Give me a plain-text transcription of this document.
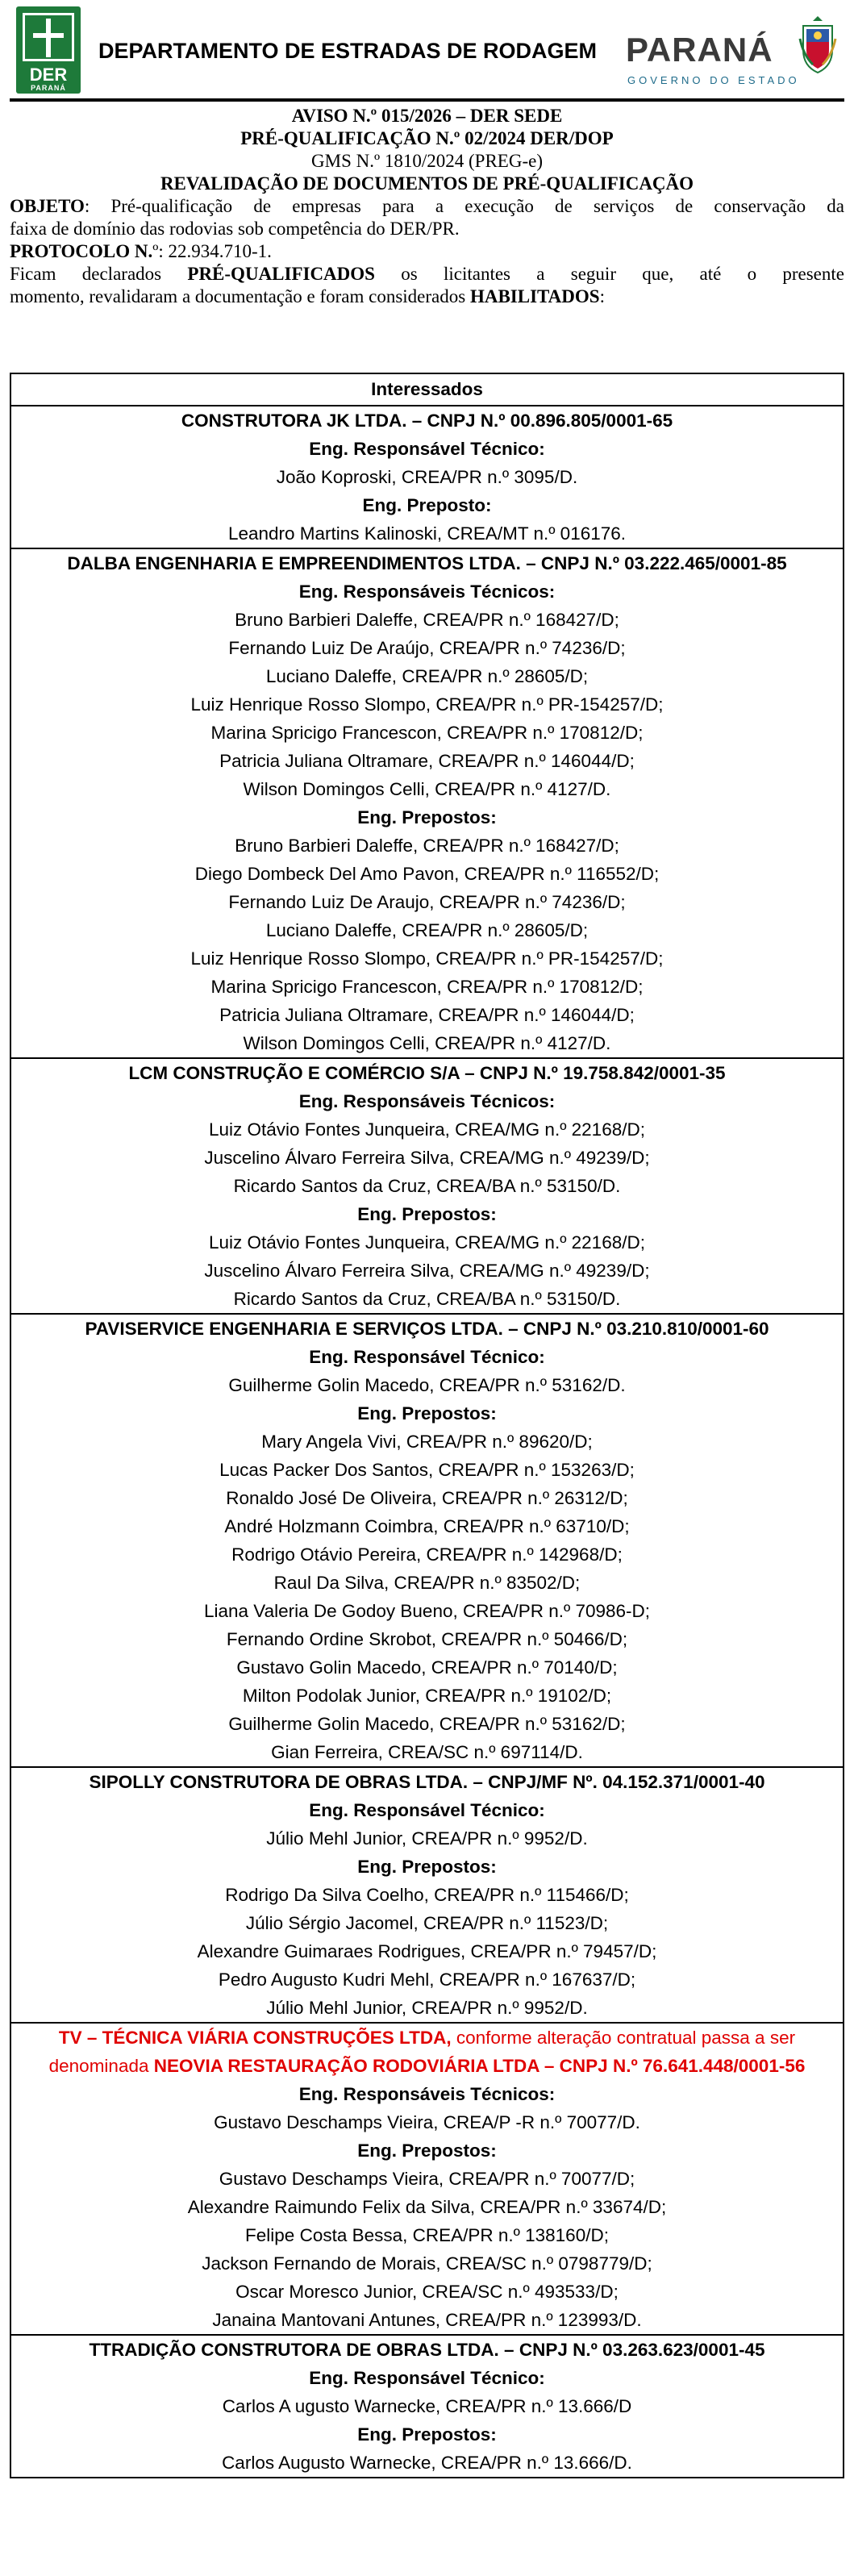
DER
PARANÁ
DEPARTAMENTO DE ESTRADAS DE RODAGEM PARANÁ
GOVERNO DO ESTADO

AVISO N.º 015/2026 – DER SEDE

PRÉ-QUALIFICAÇÃO N.º 02/2024 DER/DOP

GMS N.º 1810/2024 (PREG-e)

REVALIDAÇÃO DE DOCUMENTOS DE PRÉ-QUALIFICAÇÃO

OBJETO: Pré-qualificação de empresas para a execução de serviços de conservação da

faixa de domínio das rodovias sob competência do DER/PR.

PROTOCOLO N.º: 22.934.710-1.

Ficam declarados PRÉ-QUALIFICADOS os licitantes a seguir que, até o presente

momento, revalidaram a documentação e foram considerados HABILITADOS:

Interessados
CONSTRUTORA JK LTDA. – CNPJ N.º 00.896.805/0001-65
Eng. Responsável Técnico:
João Koproski, CREA/PR n.º 3095/D.
Eng. Preposto:
Leandro Martins Kalinoski, CREA/MT n.º 016176.
DALBA ENGENHARIA E EMPREENDIMENTOS LTDA. – CNPJ N.º 03.222.465/0001-85
Eng. Responsáveis Técnicos:
Bruno Barbieri Daleffe, CREA/PR n.º 168427/D;
Fernando Luiz De Araújo, CREA/PR n.º 74236/D;
Luciano Daleffe, CREA/PR n.º 28605/D;
Luiz Henrique Rosso Slompo, CREA/PR n.º PR-154257/D;
Marina Spricigo Francescon, CREA/PR n.º 170812/D;
Patricia Juliana Oltramare, CREA/PR n.º 146044/D;
Wilson Domingos Celli, CREA/PR n.º 4127/D.
Eng. Prepostos:
Bruno Barbieri Daleffe, CREA/PR n.º 168427/D;
Diego Dombeck Del Amo Pavon, CREA/PR n.º 116552/D;
Fernando Luiz De Araujo, CREA/PR n.º 74236/D;
Luciano Daleffe, CREA/PR n.º 28605/D;
Luiz Henrique Rosso Slompo, CREA/PR n.º PR-154257/D;
Marina Spricigo Francescon, CREA/PR n.º 170812/D;
Patricia Juliana Oltramare, CREA/PR n.º 146044/D;
Wilson Domingos Celli, CREA/PR n.º 4127/D.
LCM CONSTRUÇÃO E COMÉRCIO S/A – CNPJ N.º 19.758.842/0001-35
Eng. Responsáveis Técnicos:
Luiz Otávio Fontes Junqueira, CREA/MG n.º 22168/D;
Juscelino Álvaro Ferreira Silva, CREA/MG n.º 49239/D;
Ricardo Santos da Cruz, CREA/BA n.º 53150/D.
Eng. Prepostos:
Luiz Otávio Fontes Junqueira, CREA/MG n.º 22168/D;
Juscelino Álvaro Ferreira Silva, CREA/MG n.º 49239/D;
Ricardo Santos da Cruz, CREA/BA n.º 53150/D.
PAVISERVICE ENGENHARIA E SERVIÇOS LTDA. – CNPJ N.º 03.210.810/0001-60
Eng. Responsável Técnico:
Guilherme Golin Macedo, CREA/PR n.º 53162/D.
Eng. Prepostos:
Mary Angela Vivi, CREA/PR n.º 89620/D;
Lucas Packer Dos Santos, CREA/PR n.º 153263/D;
Ronaldo José De Oliveira, CREA/PR n.º 26312/D;
André Holzmann Coimbra, CREA/PR n.º 63710/D;
Rodrigo Otávio Pereira, CREA/PR n.º 142968/D;
Raul Da Silva, CREA/PR n.º 83502/D;
Liana Valeria De Godoy Bueno, CREA/PR n.º 70986-D;
Fernando Ordine Skrobot, CREA/PR n.º 50466/D;
Gustavo Golin Macedo, CREA/PR n.º 70140/D;
Milton Podolak Junior, CREA/PR n.º 19102/D;
Guilherme Golin Macedo, CREA/PR n.º 53162/D;
Gian Ferreira, CREA/SC n.º 697114/D.
SIPOLLY CONSTRUTORA DE OBRAS LTDA. – CNPJ/MF Nº. 04.152.371/0001-40
Eng. Responsável Técnico:
Júlio Mehl Junior, CREA/PR n.º 9952/D.
Eng. Prepostos:
Rodrigo Da Silva Coelho, CREA/PR n.º 115466/D;
Júlio Sérgio Jacomel, CREA/PR n.º 11523/D;
Alexandre Guimaraes Rodrigues, CREA/PR n.º 79457/D;
Pedro Augusto Kudri Mehl, CREA/PR n.º 167637/D;
Júlio Mehl Junior, CREA/PR n.º 9952/D.
TV – TÉCNICA VIÁRIA CONSTRUÇÕES LTDA, conforme alteração contratual passa a ser denominada NEOVIA RESTAURAÇÃO RODOVIÁRIA LTDA – CNPJ N.º 76.641.448/0001-56
Eng. Responsáveis Técnicos:
Gustavo Deschamps Vieira, CREA/P -R n.º 70077/D.
Eng. Prepostos:
Gustavo Deschamps Vieira, CREA/PR n.º 70077/D;
Alexandre Raimundo Felix da Silva, CREA/PR n.º 33674/D;
Felipe Costa Bessa, CREA/PR n.º 138160/D;
Jackson Fernando de Morais, CREA/SC n.º 0798779/D;
Oscar Moresco Junior, CREA/SC n.º 493533/D;
Janaina Mantovani Antunes, CREA/PR n.º 123993/D.
TTRADIÇÃO CONSTRUTORA DE OBRAS LTDA. – CNPJ N.º 03.263.623/0001-45
Eng. Responsável Técnico:
Carlos A ugusto Warnecke, CREA/PR n.º 13.666/D
Eng. Prepostos:
Carlos Augusto Warnecke, CREA/PR n.º 13.666/D.
